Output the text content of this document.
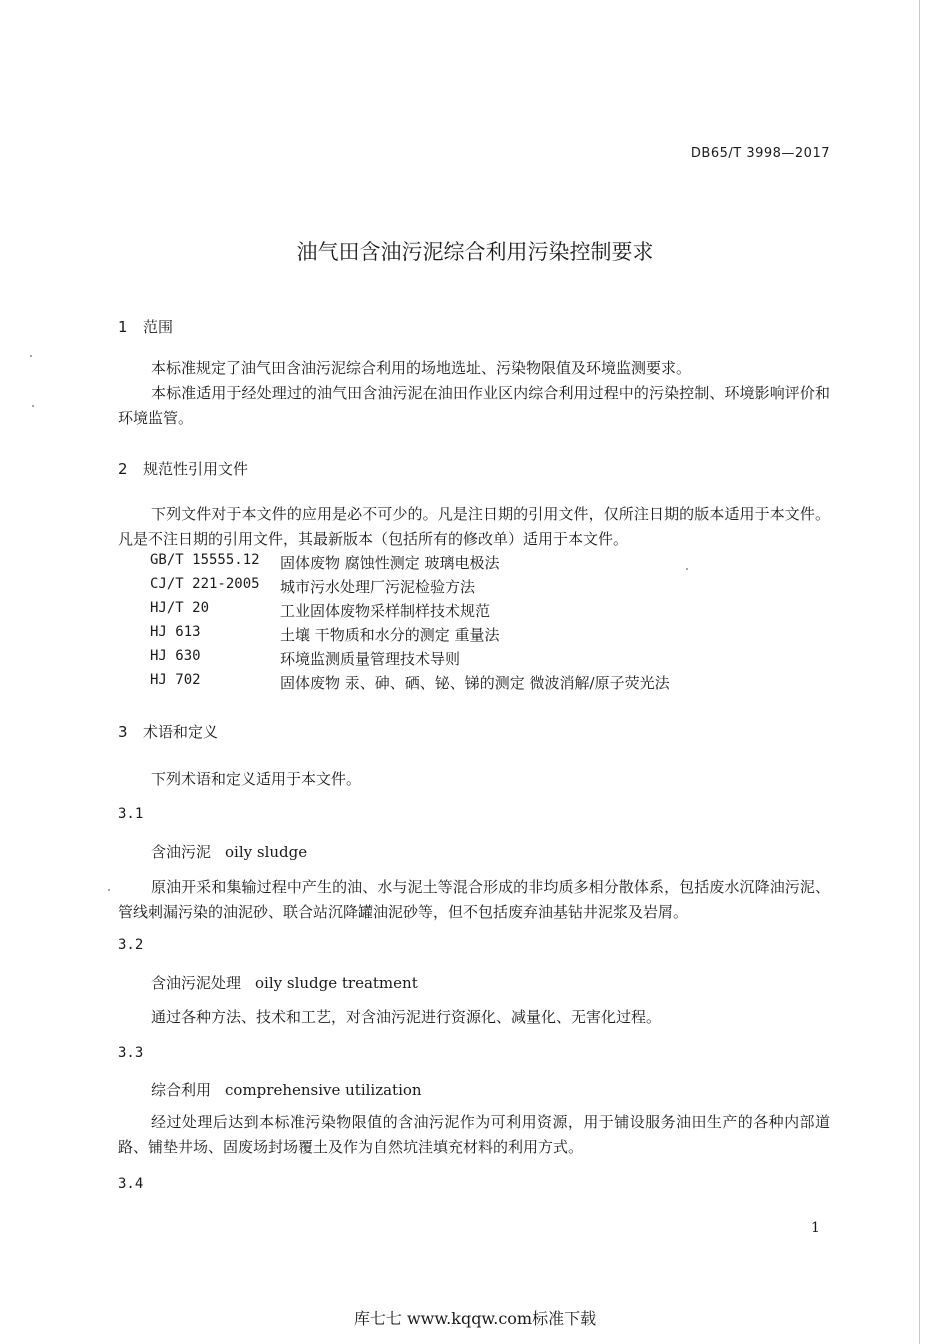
DB65/T 3998—2017
油气田含油污泥综合利用污染控制要求
1 范围
本标准规定了油气田含油污泥综合利用的场地选址、污染物限值及环境监测要求。
本标准适用于经处理过的油气田含油污泥在油田作业区内综合利用过程中的污染控制、环境影响评价和环境监管。
2 规范性引用文件
下列文件对于本文件的应用是必不可少的。凡是注日期的引用文件，仅所注日期的版本适用于本文件。凡是不注日期的引用文件，其最新版本（包括所有的修改单）适用于本文件。
GB/T 15555.12 固体废物 腐蚀性测定 玻璃电极法
CJ/T 221-2005 城市污水处理厂污泥检验方法
HJ/T 20	工业固体废物采样制样技术规范
HJ 613	土壤 干物质和水分的测定 重量法
HJ 630	环境监测质量管理技术导则
HJ 702	固体废物 汞、砷、硒、铋、锑的测定 微波消解/原子荧光法
3 术语和定义
下列术语和定义适用于本文件。
3.1
含油污泥 oily sludge
原油开采和集输过程中产生的油、水与泥土等混合形成的非均质多相分散体系，包括废水沉降油污泥、管线刺漏污染的油泥砂、联合站沉降罐油泥砂等，但不包括废弃油基钻井泥浆及岩屑。
3.2
含油污泥处理 oily sludge treatment
通过各种方法、技术和工艺，对含油污泥进行资源化、减量化、无害化过程。
3.3
综合利用 comprehensive utilization
经过处理后达到本标准污染物限值的含油污泥作为可利用资源，用于铺设服务油田生产的各种内部道路、铺垫井场、固废场封场覆土及作为自然坑洼填充材料的利用方式。
3.4
1
库七七 www.kqqw.com标准下载
